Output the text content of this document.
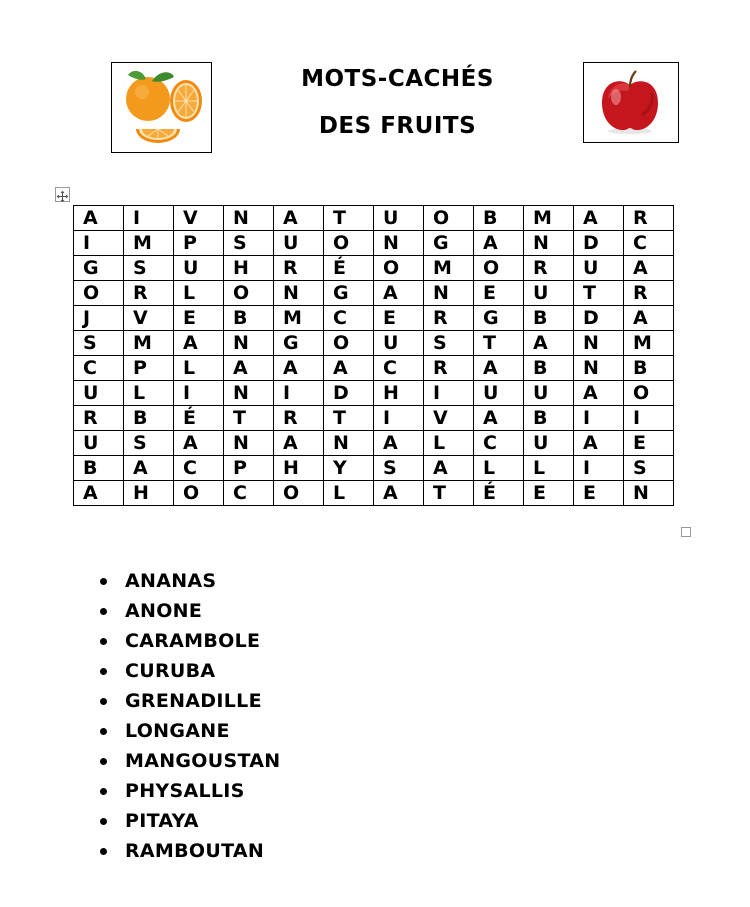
MOTS-CACHÉS
DES FRUITS
A	I	V	N	A	T	U	O	B	M	A	R
I	M	P	S	U	O	N	G	A	N	D	C
G	S	U	H	R	É	O	M	O	R	U	A
O	R	L	O	N	G	A	N	E	U	T	R
J	V	E	B	M	C	E	R	G	B	D	A
S	M	A	N	G	O	U	S	T	A	N	M
C	P	L	A	A	A	C	R	A	B	N	B
U	L	I	N	I	D	H	I	U	U	A	O
R	B	É	T	R	T	I	V	A	B	I	I
U	S	A	N	A	N	A	L	C	U	A	E
B	A	C	P	H	Y	S	A	L	L	I	S
A	H	O	C	O	L	A	T	É	E	E	N
ANANAS
ANONE
CARAMBOLE
CURUBA
GRENADILLE
LONGANE
MANGOUSTAN
PHYSALLIS
PITAYA
RAMBOUTAN
